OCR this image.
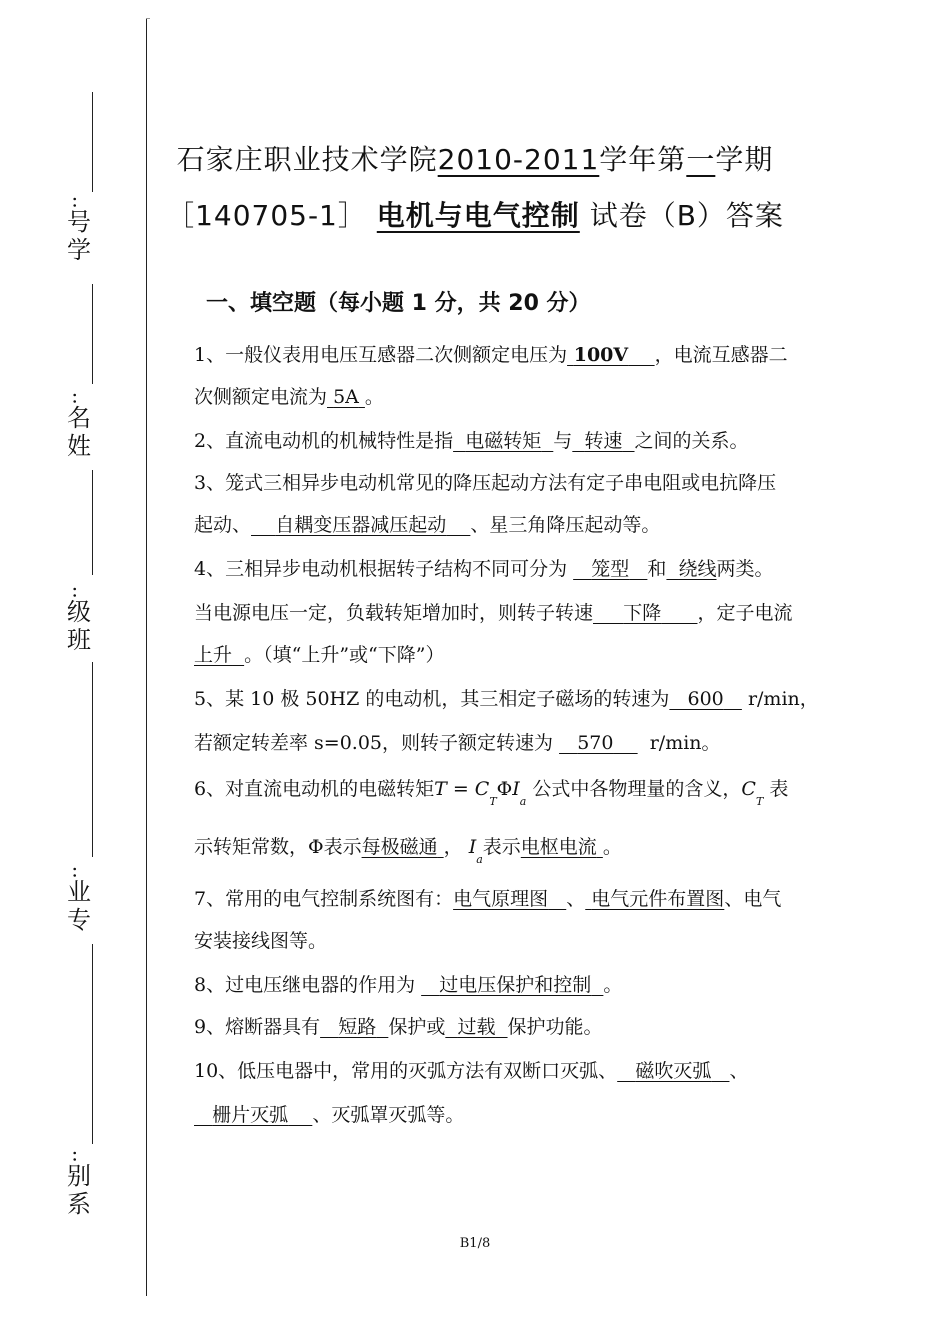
：
号学
：
名姓
：
级班
：
业专
：
别系
石家庄职业技术学院2010-2011学年第一学期
［140705-1］ 电机与电气控制 试卷（B）答案
一、填空题（每小题 1 分，共 20 分）
1、一般仪表用电压互感器二次侧额定电压为 100V ，电流互感器二
次侧额定电流为 5A 。
2、直流电动机的机械特性是指 电磁转矩 与 转速 之间的关系。
3、笼式三相异步电动机常见的降压起动方法有定子串电阻或电抗降压
起动、 自耦变压器减压起动 、星三角降压起动等。
4、三相异步电动机根据转子结构不同可分为 笼型 和 绕线两类。
当电源电压一定，负载转矩增加时，则转子转速 下降 ，定子电流
上升 。（填“上升”或“下降”）
5、某 10 极 50HZ 的电动机，其三相定子磁场的转速为 600 r/min，
若额定转差率 s=0.05，则转子额定转速为 570 r/min。
6、对直流电动机的电磁转矩$T = C_T\Phi I_a$ 公式中各物理量的含义，$C_T$ 表
示转矩常数，Φ表示每极磁通 ， $I_a$表示电枢电流 。
7、常用的电气控制系统图有：电气原理图 、 电气元件布置图、电气
安装接线图等。
8、过电压继电器的作用为 过电压保护和控制 。
9、熔断器具有 短路 保护或 过载 保护功能。
10、低压电器中，常用的灭弧方法有双断口灭弧、 磁吹灭弧 、
栅片灭弧 、灭弧罩灭弧等。
B1/8
